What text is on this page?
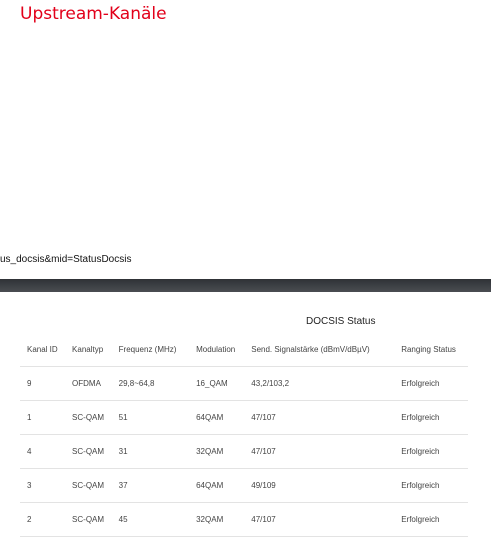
Upstream-Kanäle
us_docsis&mid=StatusDocsis
DOCSIS Status
Kanal ID	Kanaltyp	Frequenz (MHz)	Modulation	Send. Signalstärke (dBmV/dBµV)	Ranging Status
9	OFDMA	29,8~64,8	16_QAM	43,2/103,2	Erfolgreich
1	SC-QAM	51	64QAM	47/107	Erfolgreich
4	SC-QAM	31	32QAM	47/107	Erfolgreich
3	SC-QAM	37	64QAM	49/109	Erfolgreich
2	SC-QAM	45	32QAM	47/107	Erfolgreich
